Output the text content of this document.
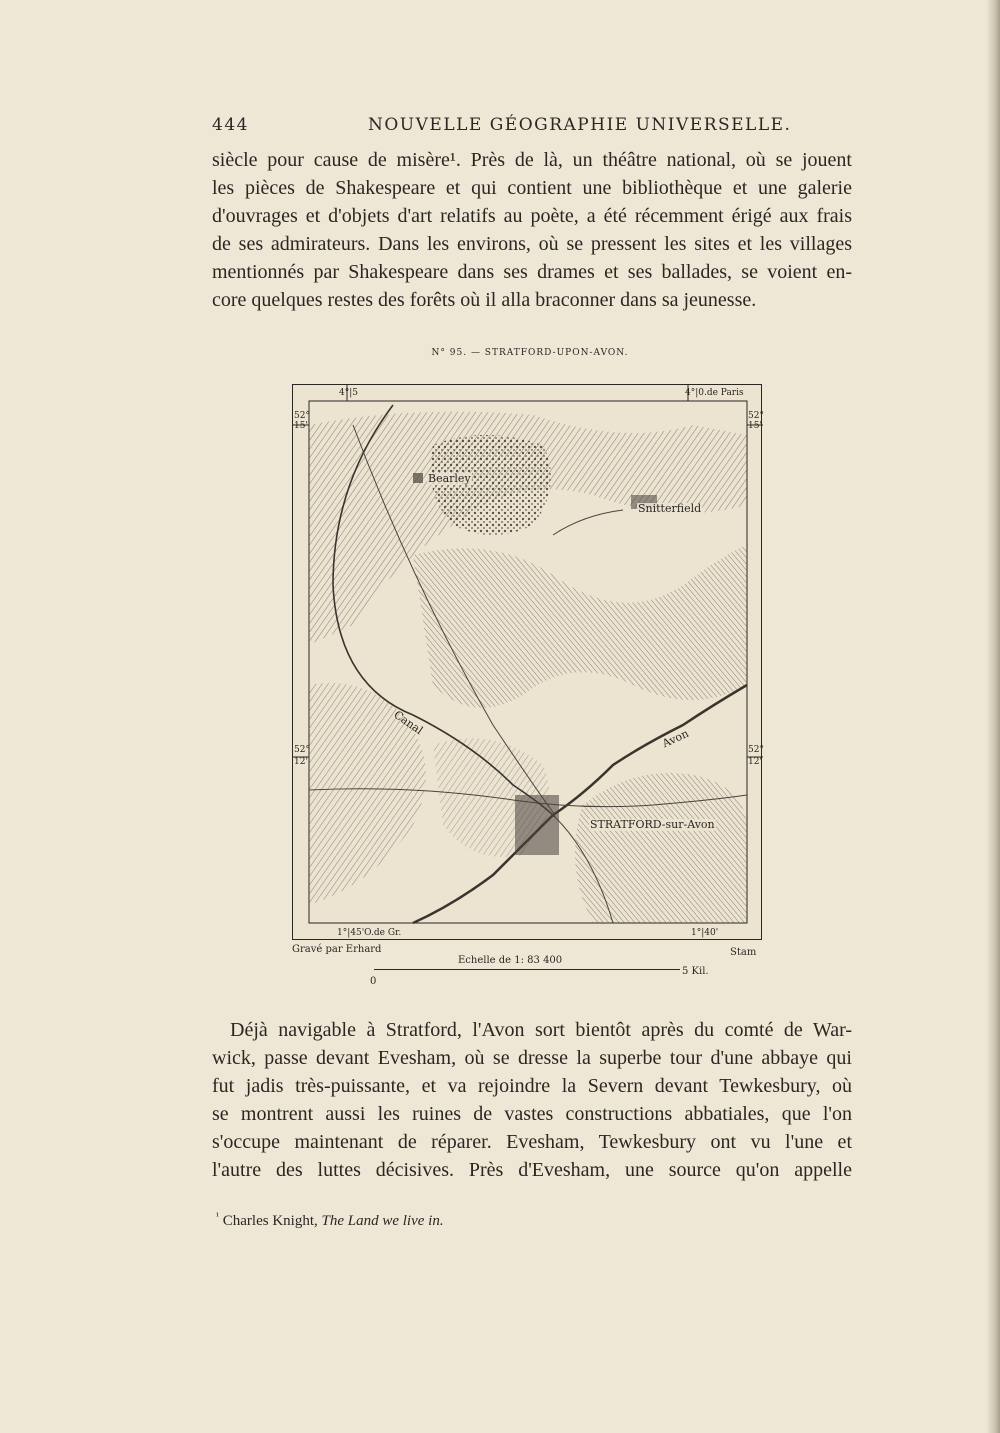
444	NOUVELLE GÉOGRAPHIE UNIVERSELLE.
siècle pour cause de misère¹. Près de là, un théâtre national, où se jouent
les pièces de Shakespeare et qui contient une bibliothèque et une galerie
d'ouvrages et d'objets d'art relatifs au poète, a été récemment érigé aux frais
de ses admirateurs. Dans les environs, où se pressent les sites et les villages
mentionnés par Shakespeare dans ses drames et ses ballades, se voient en-
core quelques restes des forêts où il alla braconner dans sa jeunesse.
N° 95. — STRATFORD-UPON-AVON.
4°|5	4°|0.de Paris
52°
15'
52°
15'
52°
12'
52°
12'
1°|45'O.de Gr.	1°|40'
Bearley
Snitterfield
STRATFORD-sur-Avon
Canal
Avon
Gravé par Erhard
Echelle de 1: 83 400
Stam
0
5 Kil.
Déjà navigable à Stratford, l'Avon sort bientôt après du comté de War-
wick, passe devant Evesham, où se dresse la superbe tour d'une abbaye qui
fut jadis très-puissante, et va rejoindre la Severn devant Tewkesbury, où
se montrent aussi les ruines de vastes constructions abbatiales, que l'on
s'occupe maintenant de réparer. Evesham, Tewkesbury ont vu l'une et
l'autre des luttes décisives. Près d'Evesham, une source qu'on appelle
$^{^1}$ Charles Knight, The Land we live in.
